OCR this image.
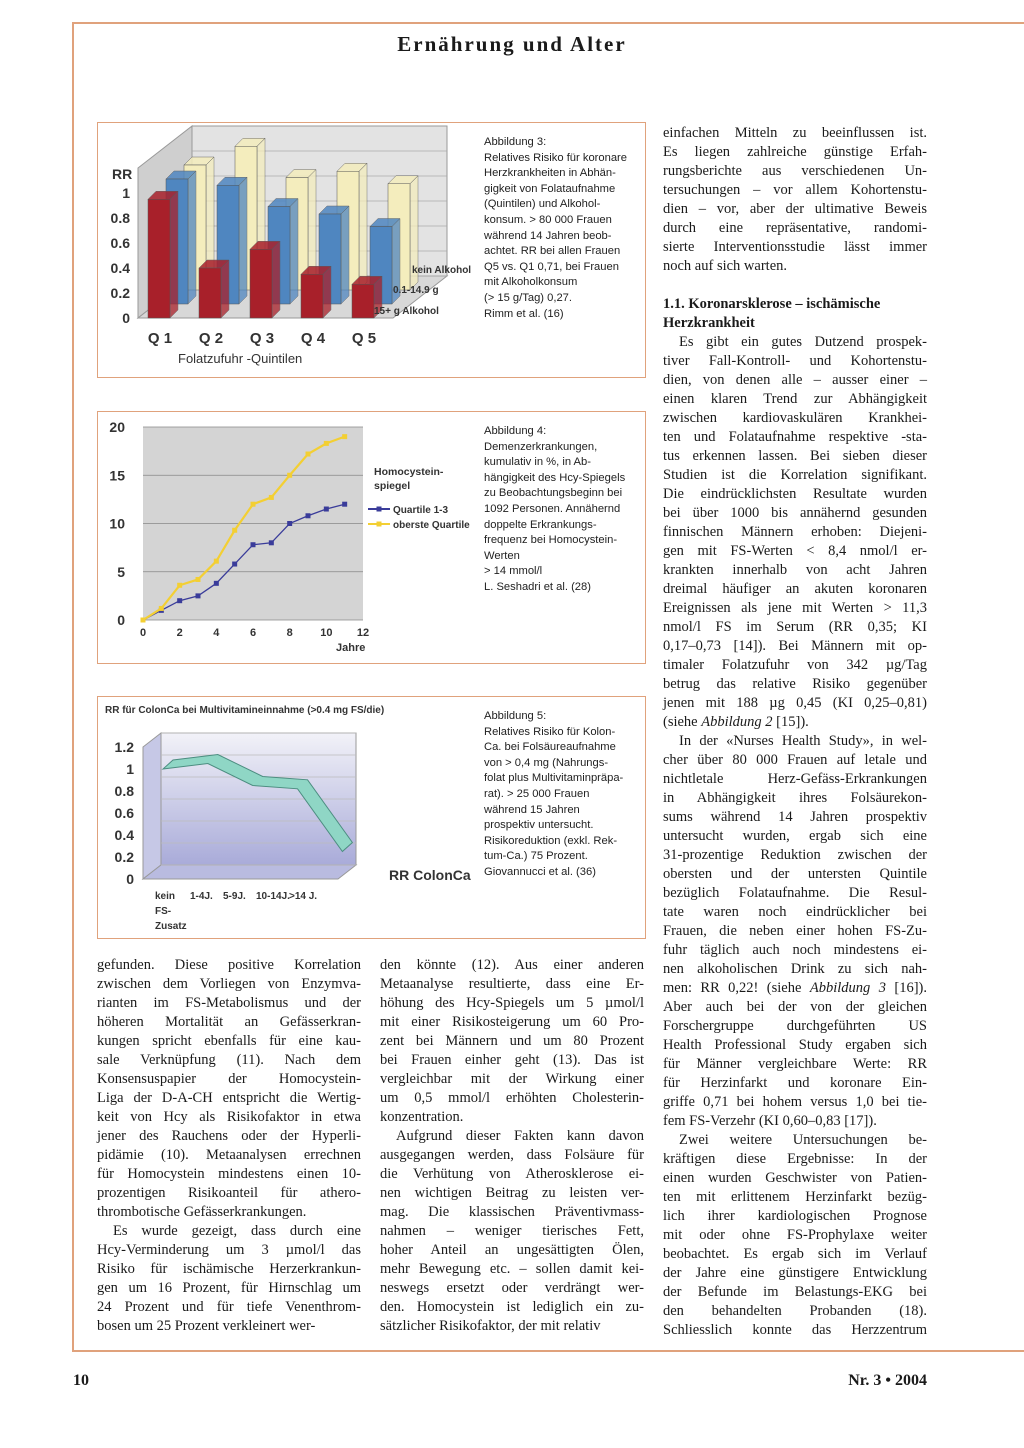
Ernährung und Alter
0
0.2
0.4
0.6
0.8
1
RR
Q 1 Q 2 Q 3 Q 4 Q 5
Folatzufuhr -Quintilen
15+ g Alkohol
0.1-14.9 g
kein Alkohol
Abbildung 3:
Relatives Risiko für koronare
Herzkrankheiten in Abhän-
gigkeit von Folataufnahme
(Quintilen) und Alkohol-
konsum. > 80 000 Frauen
während 14 Jahren beob-
achtet. RR bei allen Frauen
Q5 vs. Q1 0,71, bei Frauen
mit Alkoholkonsum
(> 15 g/Tag) 0,27.
Rimm et al. (16)
0
5
10
15
20
0	2	4	6	8 10 12
Jahre
Homocystein-
spiegel
Quartile 1-3
oberste Quartile
Abbildung 4:
Demenzerkrankungen,
kumulativ in %, in Ab-
hängigkeit des Hcy-Spiegels
zu Beobachtungsbeginn bei
1092 Personen. Annähernd
doppelte Erkrankungs-
frequenz bei Homocystein-
Werten
> 14 mmol/l
L. Seshadri et al. (28)
RR für ColonCa bei Multivitamineinnahme (>0.4 mg FS/die)
0
0.2
0.4
0.6
0.8
1
1.2
kein
FS-
Zusatz
1-4J. 5-9J. 10-14J. >14 J.
RR ColonCa
Abbildung 5:
Relatives Risiko für Kolon-
Ca. bei Folsäureaufnahme
von > 0,4 mg (Nahrungs-
folat plus Multivitaminpräpa-
rat). > 25 000 Frauen
während 15 Jahren
prospektiv untersucht.
Risikoreduktion (exkl. Rek-
tum-Ca.) 75 Prozent.
Giovannucci et al. (36)
einfachen Mitteln zu beeinflussen ist.
Es liegen zahlreiche günstige Erfah-
rungsberichte aus verschiedenen Un-
tersuchungen – vor allem Kohortenstu-
dien – vor, aber der ultimative Beweis
durch eine repräsentative, randomi-
sierte Interventionsstudie lässt immer
noch auf sich warten.
1.1. Koronarsklerose – ischämische
Herzkrankheit
Es gibt ein gutes Dutzend prospek-
tiver Fall-Kontroll- und Kohortenstu-
dien, von denen alle – ausser einer –
einen klaren Trend zur Abhängigkeit
zwischen kardiovaskulären Krankhei-
ten und Folataufnahme respektive -sta-
tus erkennen lassen. Bei sieben dieser
Studien ist die Korrelation signifikant.
Die eindrücklichsten Resultate wurden
bei über 1000 bis annähernd gesunden
finnischen Männern erhoben: Diejeni-
gen mit FS-Werten < 8,4 nmol/l er-
krankten innerhalb von acht Jahren
dreimal häufiger an akuten koronaren
Ereignissen als jene mit Werten > 11,3
nmol/l FS im Serum (RR 0,35; KI
0,17–0,73 [14]). Bei Männern mit op-
timaler Folatzufuhr von 342 µg/Tag
betrug das relative Risiko gegenüber
jenen mit 188 µg 0,45 (KI 0,25–0,81)
(siehe Abbildung 2 [15]).
In der «Nurses Health Study», in wel-
cher über 80 000 Frauen auf letale und
nichtletale Herz-Gefäss-Erkrankungen
in Abhängigkeit ihres Folsäurekon-
sums während 14 Jahren prospektiv
untersucht wurden, ergab sich eine
31-prozentige Reduktion zwischen der
obersten und der untersten Quintile
bezüglich Folataufnahme. Die Resul-
tate waren noch eindrücklicher bei
Frauen, die neben einer hohen FS-Zu-
fuhr täglich auch noch mindestens ei-
nen alkoholischen Drink zu sich nah-
men: RR 0,22! (siehe Abbildung 3 [16]).
Aber auch bei der von der gleichen
Forschergruppe durchgeführten US
Health Professional Study ergaben sich
für Männer vergleichbare Werte: RR
für Herzinfarkt und koronare Ein-
griffe 0,71 bei hohem versus 1,0 bei tie-
fem FS-Verzehr (KI 0,60–0,83 [17]).
Zwei weitere Untersuchungen be-
kräftigen diese Ergebnisse: In der
einen wurden Geschwister von Patien-
ten mit erlittenem Herzinfarkt bezüg-
lich ihrer kardiologischen Prognose
mit oder ohne FS-Prophylaxe weiter
beobachtet. Es ergab sich im Verlauf
der Jahre eine günstigere Entwicklung
der Befunde im Belastungs-EKG bei
den behandelten Probanden (18).
Schliesslich konnte das Herzzentrum
gefunden. Diese positive Korrelation
zwischen dem Vorliegen von Enzymva-
rianten im FS-Metabolismus und der
höheren Mortalität an Gefässerkran-
kungen spricht ebenfalls für eine kau-
sale Verknüpfung (11). Nach dem
Konsensuspapier der Homocystein-
Liga der D-A-CH entspricht die Wertig-
keit von Hcy als Risikofaktor in etwa
jener des Rauchens oder der Hyperli-
pidämie (10). Metaanalysen errechnen
für Homocystein mindestens einen 10-
prozentigen Risikoanteil für athero-
thrombotische Gefässerkrankungen.
Es wurde gezeigt, dass durch eine
Hcy-Verminderung um 3 µmol/l das
Risiko für ischämische Herzerkrankun-
gen um 16 Prozent, für Hirnschlag um
24 Prozent und für tiefe Venenthrom-
bosen um 25 Prozent verkleinert wer-
den könnte (12). Aus einer anderen
Metaanalyse resultierte, dass eine Er-
höhung des Hcy-Spiegels um 5 µmol/l
mit einer Risikosteigerung um 60 Pro-
zent bei Männern und um 80 Prozent
bei Frauen einher geht (13). Das ist
vergleichbar mit der Wirkung einer
um 0,5 mmol/l erhöhten Cholesterin-
konzentration.
Aufgrund dieser Fakten kann davon
ausgegangen werden, dass Folsäure für
die Verhütung von Atherosklerose ei-
nen wichtigen Beitrag zu leisten ver-
mag. Die klassischen Präventivmass-
nahmen – weniger tierisches Fett,
hoher Anteil an ungesättigten Ölen,
mehr Bewegung etc. – sollen damit kei-
neswegs ersetzt oder verdrängt wer-
den. Homocystein ist lediglich ein zu-
sätzlicher Risikofaktor, der mit relativ
10	Nr. 3 • 2004
